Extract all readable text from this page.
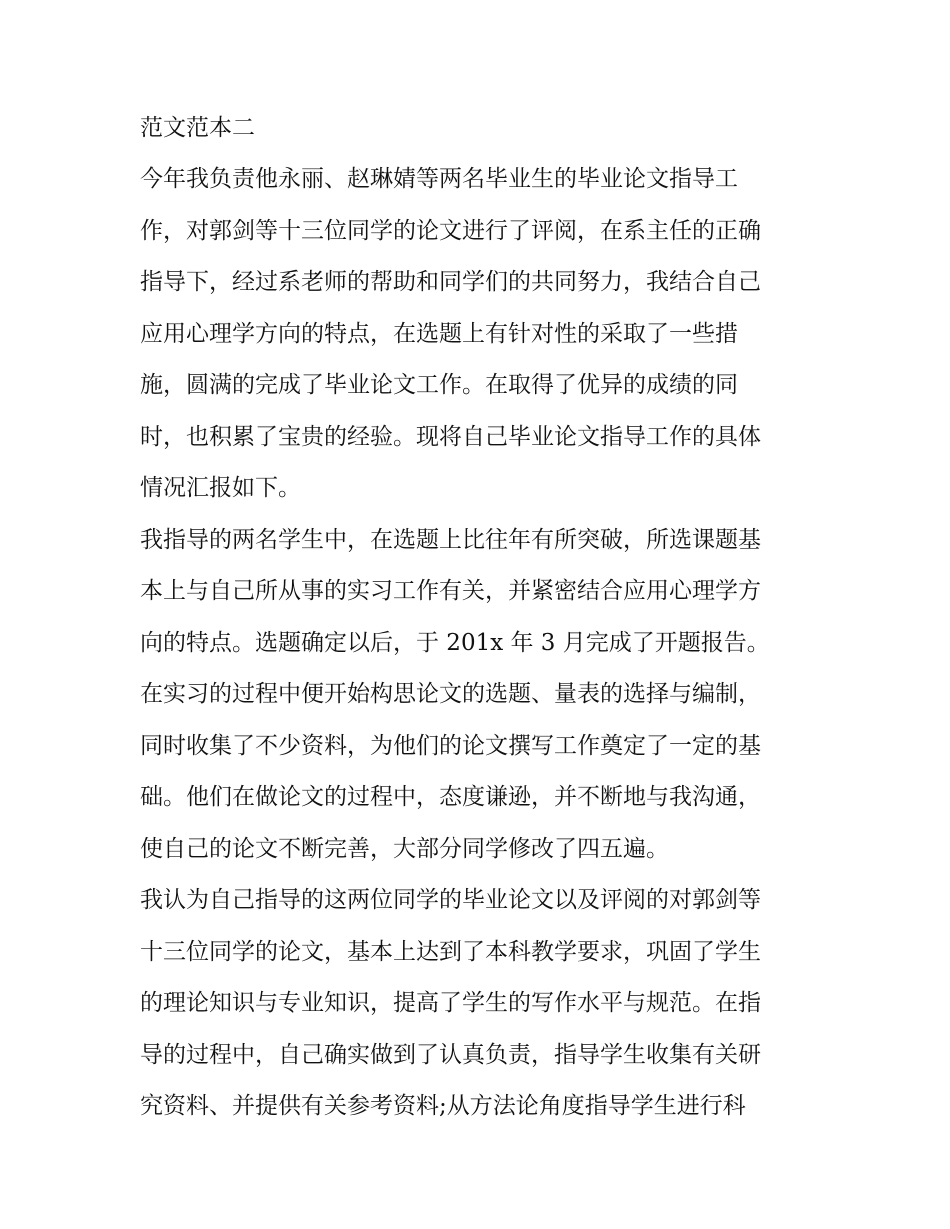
范文范本二

今年我负责他永丽、赵琳婧等两名毕业生的毕业论文指导工
作，对郭剑等十三位同学的论文进行了评阅，在系主任的正确
指导下，经过系老师的帮助和同学们的共同努力，我结合自己
应用心理学方向的特点，在选题上有针对性的采取了一些措
施，圆满的完成了毕业论文工作。在取得了优异的成绩的同
时，也积累了宝贵的经验。现将自己毕业论文指导工作的具体
情况汇报如下。

我指导的两名学生中，在选题上比往年有所突破，所选课题基
本上与自己所从事的实习工作有关，并紧密结合应用心理学方
向的特点。选题确定以后，于 201x 年 3 月完成了开题报告。

在实习的过程中便开始构思论文的选题、量表的选择与编制，
同时收集了不少资料，为他们的论文撰写工作奠定了一定的基
础。他们在做论文的过程中，态度谦逊，并不断地与我沟通，
使自己的论文不断完善，大部分同学修改了四五遍。

我认为自己指导的这两位同学的毕业论文以及评阅的对郭剑等
十三位同学的论文，基本上达到了本科教学要求，巩固了学生
的理论知识与专业知识，提高了学生的写作水平与规范。在指
导的过程中，自己确实做到了认真负责，指导学生收集有关研
究资料、并提供有关参考资料;从方法论角度指导学生进行科
